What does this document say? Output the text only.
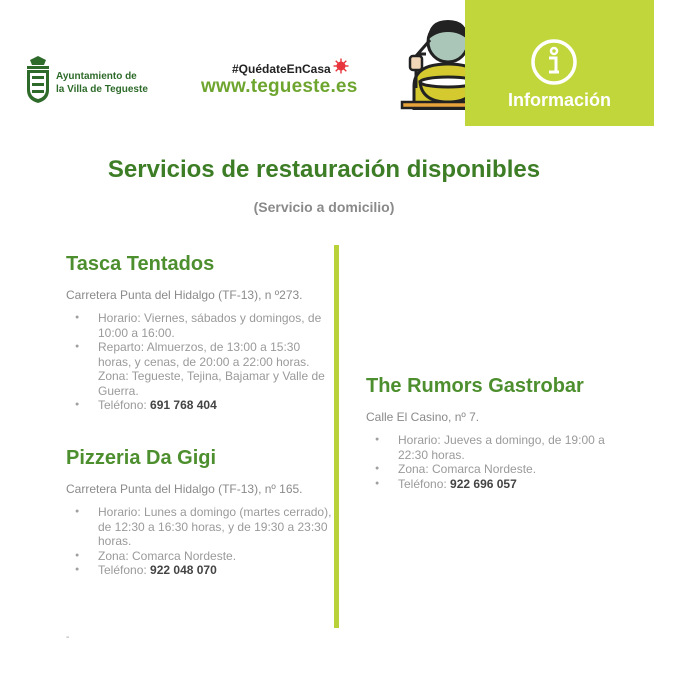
Ayuntamiento de
la Villa de Tegueste
#QuédateEnCasa
www.tegueste.es
Información
Servicios de restauración disponibles
(Servicio a domicilio)
Tasca Tentados
Carretera Punta del Hidalgo (TF-13), n º273.
● Horario: Viernes, sábados y domingos, de 10:00 a 16:00.
● Reparto: Almuerzos, de 13:00 a 15:30 horas, y cenas, de 20:00 a 22:00 horas. Zona: Tegueste, Tejina, Bajamar y Valle de Guerra.
● Teléfono: 691 768 404
Pizzeria Da Gigi
Carretera Punta del Hidalgo (TF-13), nº 165.
● Horario: Lunes a domingo (martes cerrado), de 12:30 a 16:30 horas, y de 19:30 a 23:30 horas.
● Zona: Comarca Nordeste.
● Teléfono: 922 048 070
The Rumors Gastrobar
Calle El Casino, nº 7.
● Horario: Jueves a domingo, de 19:00 a 22:30 horas.
● Zona: Comarca Nordeste.
● Teléfono: 922 696 057
-
